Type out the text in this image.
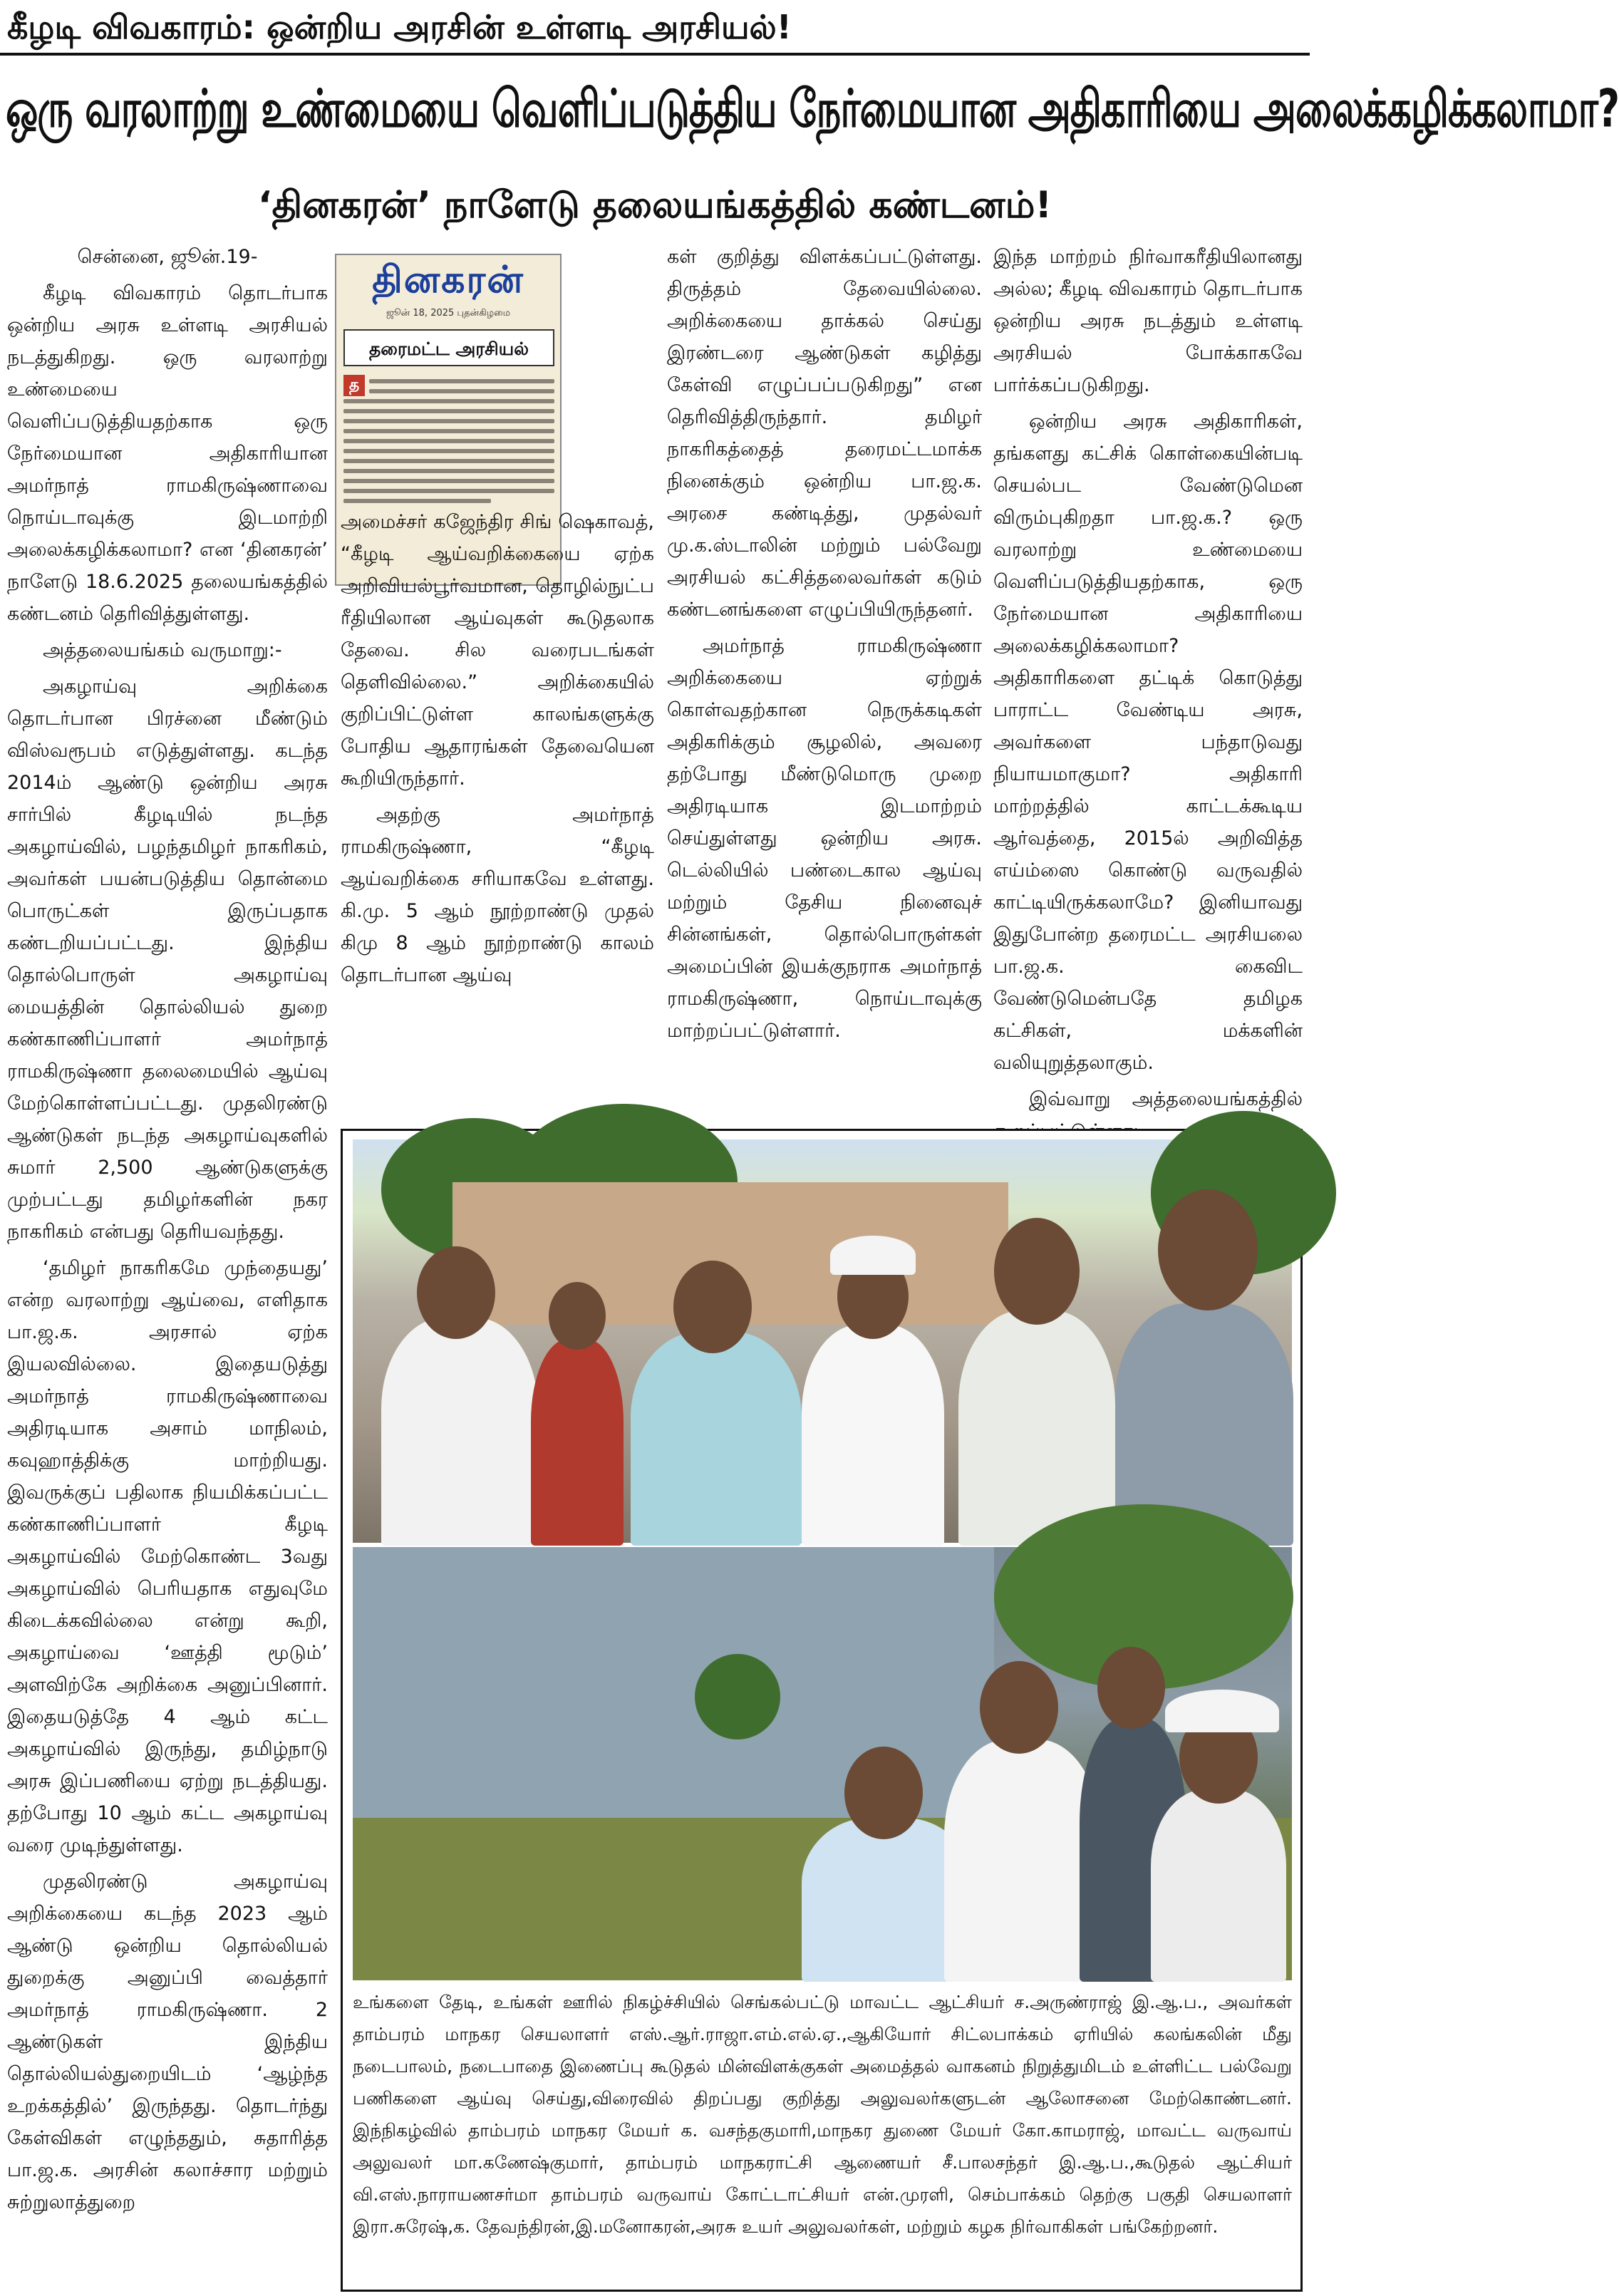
கீழடி விவகாரம்: ஒன்றிய அரசின் உள்ளடி அரசியல்!
ஒரு வரலாற்று உண்மையை வெளிப்படுத்திய நேர்மையான அதிகாரியை அலைக்கழிக்கலாமா?
‘தினகரன்’ நாளேடு தலையங்கத்தில் கண்டனம்!

சென்னை, ஜூன்.19-

கீழடி விவகாரம் தொடர்பாக ஒன்றிய அரசு உள்ளடி அரசியல் நடத்துகிறது. ஒரு வரலாற்று உண்மையை வெளிப்படுத்தியதற்காக ஒரு நேர்மையான அதிகாரியான அமர்நாத் ராமகிருஷ்ணாவை நொய்டாவுக்கு இடமாற்றி அலைக்கழிக்கலாமா? என ‘தினகரன்’ நாளேடு 18.6.2025 தலையங்கத்தில் கண்டனம் தெரிவித்துள்ளது.

அத்தலையங்கம் வருமாறு:-

அகழாய்வு அறிக்கை தொடர்பான பிரச்னை மீண்டும் விஸ்வரூபம் எடுத்துள்ளது. கடந்த 2014ம் ஆண்டு ஒன்றிய அரசு சார்பில் கீழடியில் நடந்த அகழாய்வில், பழந்தமிழர் நாகரிகம், அவர்கள் பயன்படுத்திய தொன்மை பொருட்கள் இருப்பதாக கண்டறியப்பட்டது. இந்திய தொல்பொருள் அகழாய்வு மையத்தின் தொல்லியல் துறை கண்காணிப்பாளர் அமர்நாத் ராமகிருஷ்ணா தலைமையில் ஆய்வு மேற்கொள்ளப்பட்டது. முதலிரண்டு ஆண்டுகள் நடந்த அகழாய்வுகளில் சுமார் 2,500 ஆண்டுகளுக்கு முற்பட்டது தமிழர்களின் நகர நாகரிகம் என்பது தெரியவந்தது.

‘தமிழர் நாகரிகமே முந்தையது’ என்ற வரலாற்று ஆய்வை, எளிதாக பா.ஜ.க. அரசால் ஏற்க இயலவில்லை. இதையடுத்து அமர்நாத் ராமகிருஷ்ணாவை அதிரடியாக அசாம் மாநிலம், கவுஹாத்திக்கு மாற்றியது. இவருக்குப் பதிலாக நியமிக்கப்பட்ட கண்காணிப்பாளர் கீழடி அகழாய்வில் மேற்கொண்ட 3வது அகழாய்வில் பெரியதாக எதுவுமே கிடைக்கவில்லை என்று கூறி, அகழாய்வை ‘ஊத்தி மூடும்’ அளவிற்கே அறிக்கை அனுப்பினார். இதையடுத்தே 4 ஆம் கட்ட அகழாய்வில் இருந்து, தமிழ்நாடு அரசு இப்பணியை ஏற்று நடத்தியது. தற்போது 10 ஆம் கட்ட அகழாய்வு வரை முடிந்துள்ளது.

முதலிரண்டு அகழாய்வு அறிக்கையை கடந்த 2023 ஆம் ஆண்டு ஒன்றிய தொல்லியல் துறைக்கு அனுப்பி வைத்தார் அமர்நாத் ராமகிருஷ்ணா. 2 ஆண்டுகள் இந்திய தொல்லியல்துறையிடம் ‘ஆழ்ந்த உறக்கத்தில்’ இருந்தது. தொடர்ந்து கேள்விகள் எழுந்ததும், சுதாரித்த பா.ஜ.க. அரசின் கலாச்சார மற்றும் சுற்றுலாத்துறை

தினகரன்
ஜூன் 18, 2025 புதன்கிழமை
தரைமட்ட அரசியல்
த

அமைச்சர் கஜேந்திர சிங் ஷெகாவத், “கீழடி ஆய்வறிக்கையை ஏற்க அறிவியல்பூர்வமான, தொழில்நுட்ப ரீதியிலான ஆய்வுகள் கூடுதலாக தேவை. சில வரைபடங்கள் தெளிவில்லை.” அறிக்கையில் குறிப்பிட்டுள்ள காலங்களுக்கு போதிய ஆதாரங்கள் தேவையென கூறியிருந்தார்.

அதற்கு அமர்நாத் ராமகிருஷ்ணா, “கீழடி ஆய்வறிக்கை சரியாகவே உள்ளது. கி.மு. 5 ஆம் நூற்றாண்டு முதல் கிமு 8 ஆம் நூற்றாண்டு காலம் தொடர்பான ஆய்வு

கள் குறித்து விளக்கப்பட்டுள்ளது. திருத்தம் தேவையில்லை. அறிக்கையை தாக்கல் செய்து இரண்டரை ஆண்டுகள் கழித்து கேள்வி எழுப்பப்படுகிறது” என தெரிவித்திருந்தார். தமிழர் நாகரிகத்தைத் தரைமட்டமாக்க நினைக்கும் ஒன்றிய பா.ஜ.க. அரசை கண்டித்து, முதல்வர் மு.க.ஸ்டாலின் மற்றும் பல்வேறு அரசியல் கட்சித்தலைவர்கள் கடும் கண்டனங்களை எழுப்பியிருந்தனர்.

அமர்நாத் ராமகிருஷ்ணா அறிக்கையை ஏற்றுக் கொள்வதற்கான நெருக்கடிகள் அதிகரிக்கும் சூழலில், அவரை தற்போது மீண்டுமொரு முறை அதிரடியாக இடமாற்றம் செய்துள்ளது ஒன்றிய அரசு. டெல்லியில் பண்டைகால ஆய்வு மற்றும் தேசிய நினைவுச் சின்னங்கள், தொல்பொருள்கள் அமைப்பின் இயக்குநராக அமர்நாத் ராமகிருஷ்ணா, நொய்டாவுக்கு மாற்றப்பட்டுள்ளார்.

இந்த மாற்றம் நிர்வாகரீதியிலானது அல்ல; கீழடி விவகாரம் தொடர்பாக ஒன்றிய அரசு நடத்தும் உள்ளடி அரசியல் போக்காகவே பார்க்கப்படுகிறது.

ஒன்றிய அரசு அதிகாரிகள், தங்களது கட்சிக் கொள்கையின்படி செயல்பட வேண்டுமென விரும்புகிறதா பா.ஜ.க.? ஒரு வரலாற்று உண்மையை வெளிப்படுத்தியதற்காக, ஒரு நேர்மையான அதிகாரியை அலைக்கழிக்கலாமா? அதிகாரிகளை தட்டிக் கொடுத்து பாராட்ட வேண்டிய அரசு, அவர்களை பந்தாடுவது நியாயமாகுமா? அதிகாரி மாற்றத்தில் காட்டக்கூடிய ஆர்வத்தை, 2015ல் அறிவித்த எய்ம்ஸை கொண்டு வருவதில் காட்டியிருக்கலாமே? இனியாவது இதுபோன்ற தரைமட்ட அரசியலை பா.ஜ.க. கைவிட வேண்டுமென்பதே தமிழக கட்சிகள், மக்களின் வலியுறுத்தலாகும்.

இவ்வாறு அத்தலையங்கத்தில்

உங்களை தேடி, உங்கள் ஊரில் நிகழ்ச்சியில் செங்கல்பட்டு மாவட்ட ஆட்சியர் ச.அருண்ராஜ் இ.ஆ.ப., அவர்கள் தாம்பரம் மாநகர செயலாளர் எஸ்.ஆர்.ராஜா.எம்.எல்.ஏ.,ஆகியோர் சிட்லபாக்கம் ஏரியில் கலங்கலின் மீது நடைபாலம், நடைபாதை இணைப்பு கூடுதல் மின்விளக்குகள் அமைத்தல் வாகனம் நிறுத்துமிடம் உள்ளிட்ட பல்வேறு பணிகளை ஆய்வு செய்து,விரைவில் திறப்பது குறித்து அலுவலர்களுடன் ஆலோசனை மேற்கொண்டனர். இந்நிகழ்வில் தாம்பரம் மாநகர மேயர் க. வசந்தகுமாரி,மாநகர துணை மேயர் கோ.காமராஜ், மாவட்ட வருவாய் அலுவலர் மா.கணேஷ்குமார், தாம்பரம் மாநகராட்சி ஆணையர் சீ.பாலசந்தர் இ.ஆ.ப.,கூடுதல் ஆட்சியர் வி.எஸ்.நாராயணசர்மா தாம்பரம் வருவாய் கோட்டாட்சியர் என்.முரளி, செம்பாக்கம் தெற்கு பகுதி செயலாளர் இரா.சுரேஷ்,க. தேவந்திரன்,இ.மனோகரன்,அரசு உயர் அலுவலர்கள், மற்றும் கழக நிர்வாகிகள் பங்கேற்றனர்.
